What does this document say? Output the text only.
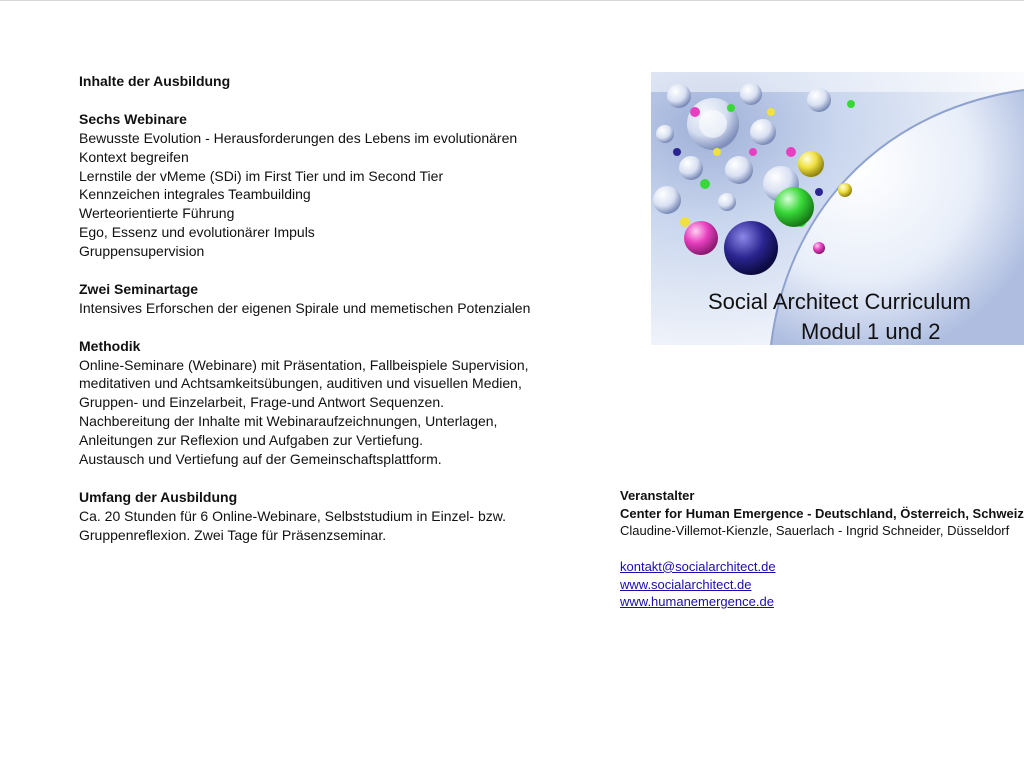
Inhalte der Ausbildung

Sechs Webinare

Bewusste Evolution - Herausforderungen des Lebens im evolutionären

Kontext begreifen

Lernstile der vMeme (SDi) im First Tier und im Second Tier

Kennzeichen integrales Teambuilding

Werteorientierte Führung

Ego, Essenz und evolutionärer Impuls

Gruppensupervision

Zwei Seminartage

Intensives Erforschen der eigenen Spirale und memetischen Potenzialen

Methodik

Online-Seminare (Webinare) mit Präsentation, Fallbeispiele Supervision,

meditativen und Achtsamkeitsübungen, auditiven und visuellen Medien,

Gruppen- und Einzelarbeit, Frage-und Antwort Sequenzen.

Nachbereitung der Inhalte mit Webinaraufzeichnungen, Unterlagen,

Anleitungen zur Reflexion und Aufgaben zur Vertiefung.

Austausch und Vertiefung auf der Gemeinschaftsplattform.

Umfang der Ausbildung

Ca. 20 Stunden für 6 Online-Webinare, Selbststudium in Einzel- bzw.

Gruppenreflexion. Zwei Tage für Präsenzseminar.

Social Architect Curriculum
Modul 1 und 2

Veranstalter

Center for Human Emergence - Deutschland, Österreich, Schweiz

Claudine-Villemot-Kienzle, Sauerlach - Ingrid Schneider, Düsseldorf

kontakt@socialarchitect.de

www.socialarchitect.de

www.humanemergence.de
